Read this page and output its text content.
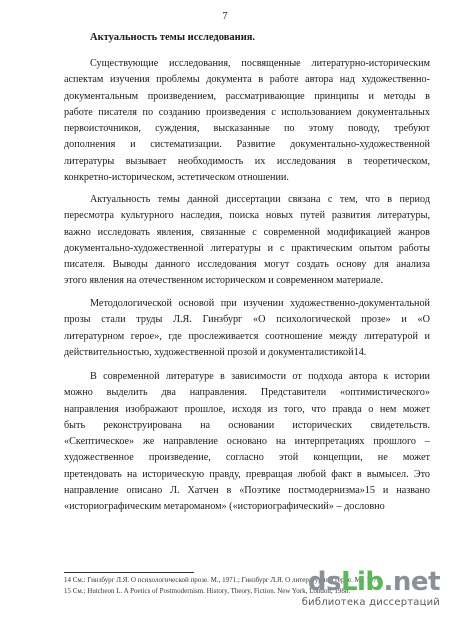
7
Актуальность темы исследования.
Существующие исследования, посвященные литературно-историческим
аспектам изучения проблемы документа в работе автора над художественно-
документальным произведением, рассматривающие принципы и методы в
работе писателя по созданию произведения с использованием документальных
первоисточников, суждения, высказанные по этому поводу, требуют
дополнения и систематизации. Развитие документально-художественной
литературы вызывает необходимость их исследования в теоретическом,
конкретно-историческом, эстетическом отношении.
Актуальность темы данной диссертации связана с тем, что в период
пересмотра культурного наследия, поиска новых путей развития литературы,
важно исследовать явления, связанные с современной модификацией жанров
документально-художественной литературы и с практическим опытом работы
писателя. Выводы данного исследования могут создать основу для анализа
этого явления на отечественном историческом и современном материале.
Методологической основой при изучении художественно-документальной
прозы стали труды Л.Я. Гинзбург «О психологической прозе» и «О
литературном герое», где прослеживается соотношение между литературой и
действительностью, художественной прозой и документалистикой14.
В современной литературе в зависимости от подхода автора к истории
можно выделить два направления. Представители «оптимистического»
направления изображают прошлое, исходя из того, что правда о нем может
быть реконструирована на основании исторических свидетельств.
«Скептическое» же направление основано на интерпретациях прошлого –
художественное произведение, согласно этой концепции, не может
претендовать на историческую правду, превращая любой факт в вымысел. Это
направление описано Л. Хатчен в «Поэтике постмодернизма»15 и названо
«историографическим метароманом» («историографический» – дословно
14 См.: Гинзбург Л.Я. О психологической прозе. М., 1971.; Гинзбург Л.Я. О литературном герое. М., 1979.
15 См.: Hutcheon L. A Poetics of Postmodernism. History, Theory, Fiction. New York, London, 1988.
dsLib.net
библиотека диссертаций
